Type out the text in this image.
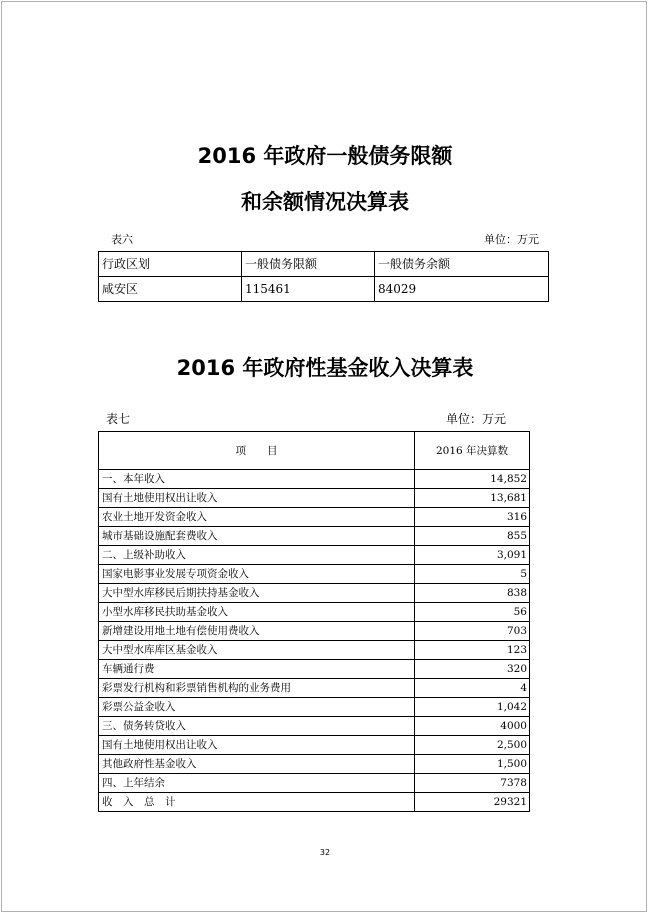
2016 年政府一般债务限额
和余额情况决算表
表六	单位：万元
行政区划	一般债务限额	一般债务余额
咸安区	115461	84029
2016 年政府性基金收入决算表
表七	单位：万元
项　　目	2016 年决算数
一、本年收入	14,852
国有土地使用权出让收入	13,681
农业土地开发资金收入	316
城市基础设施配套费收入	855
二、上级补助收入	3,091
国家电影事业发展专项资金收入	5
大中型水库移民后期扶持基金收入	838
小型水库移民扶助基金收入	56
新增建设用地土地有偿使用费收入	703
大中型水库库区基金收入	123
车辆通行费	320
彩票发行机构和彩票销售机构的业务费用	4
彩票公益金收入	1,042
三、债务转贷收入	4000
国有土地使用权出让收入	2,500
其他政府性基金收入	1,500
四、上年结余	7378
收　入　总　计	29321
32
